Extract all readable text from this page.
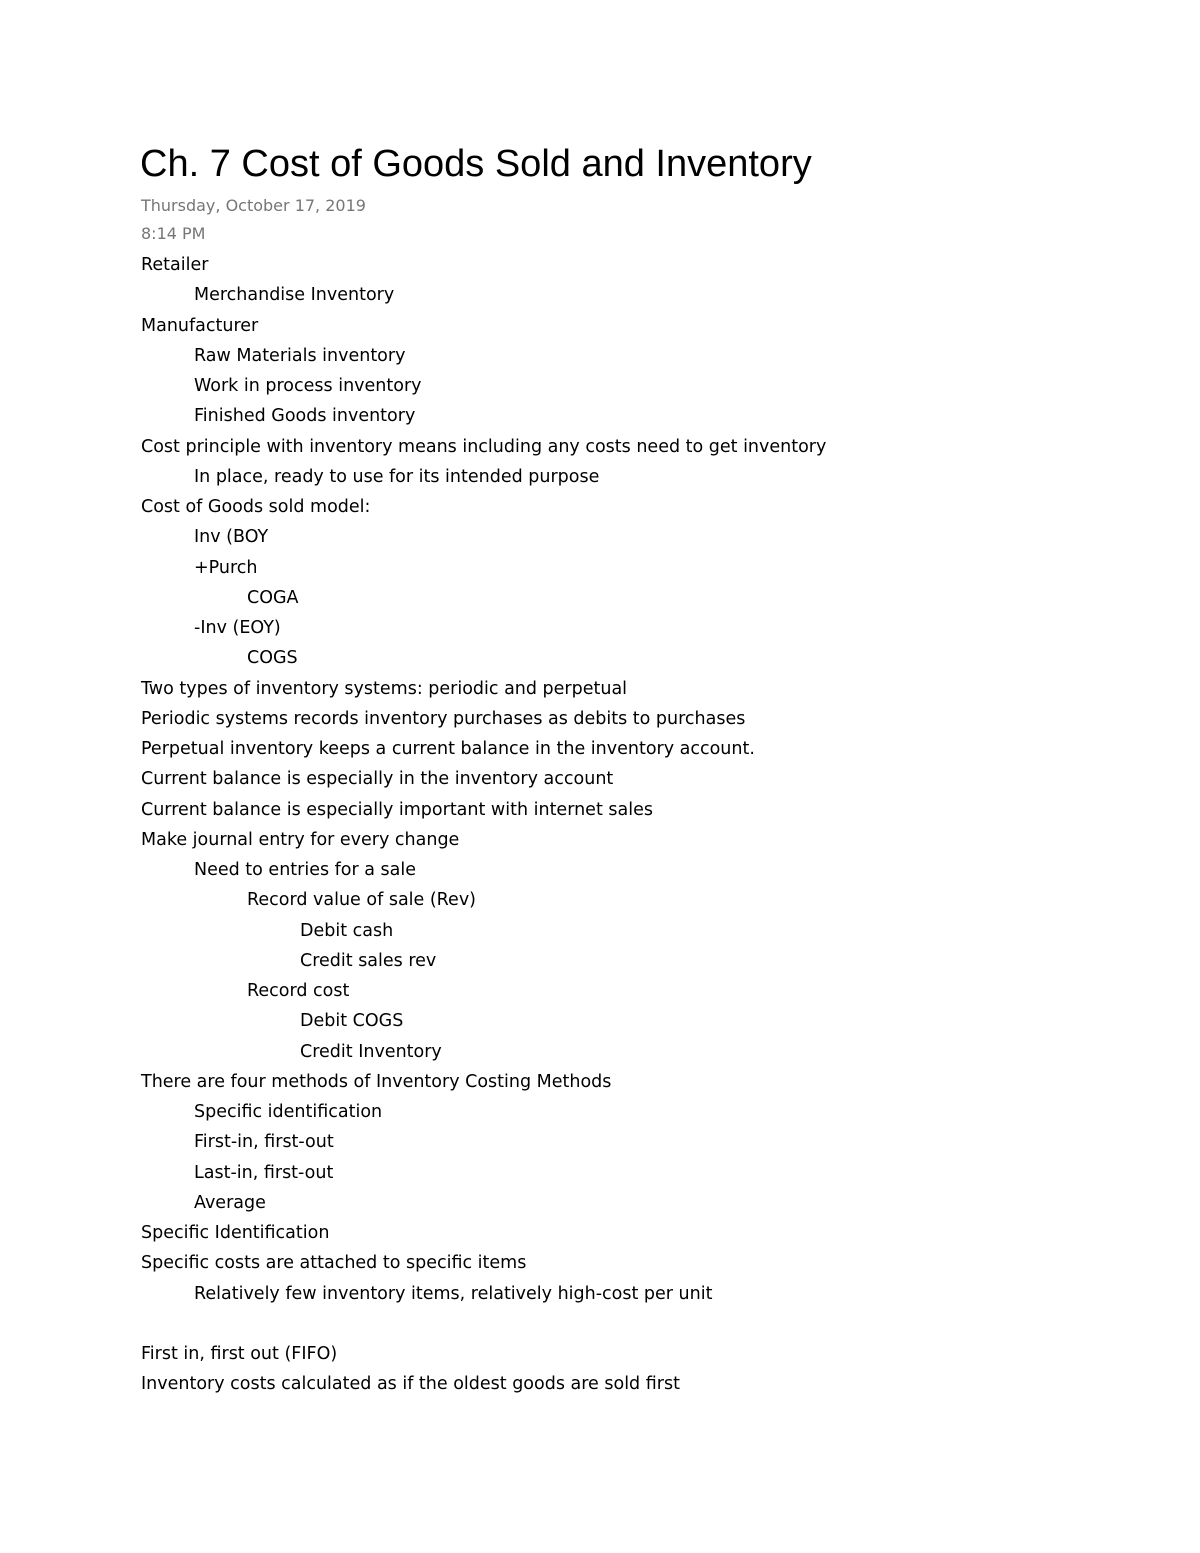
Ch. 7 Cost of Goods Sold and Inventory
Thursday, October 17, 2019
8:14 PM
Retailer
Merchandise Inventory
Manufacturer
Raw Materials inventory
Work in process inventory
Finished Goods inventory
Cost principle with inventory means including any costs need to get inventory
In place, ready to use for its intended purpose
Cost of Goods sold model:
Inv (BOY
+Purch
COGA
-Inv (EOY)
COGS
Two types of inventory systems: periodic and perpetual
Periodic systems records inventory purchases as debits to purchases
Perpetual inventory keeps a current balance in the inventory account.
Current balance is especially in the inventory account
Current balance is especially important with internet sales
Make journal entry for every change
Need to entries for a sale
Record value of sale (Rev)
Debit cash
Credit sales rev
Record cost
Debit COGS
Credit Inventory
There are four methods of Inventory Costing Methods
Specific identification
First-in, first-out
Last-in, first-out
Average
Specific Identification
Specific costs are attached to specific items
Relatively few inventory items, relatively high-cost per unit
First in, first out (FIFO)
Inventory costs calculated as if the oldest goods are sold first
